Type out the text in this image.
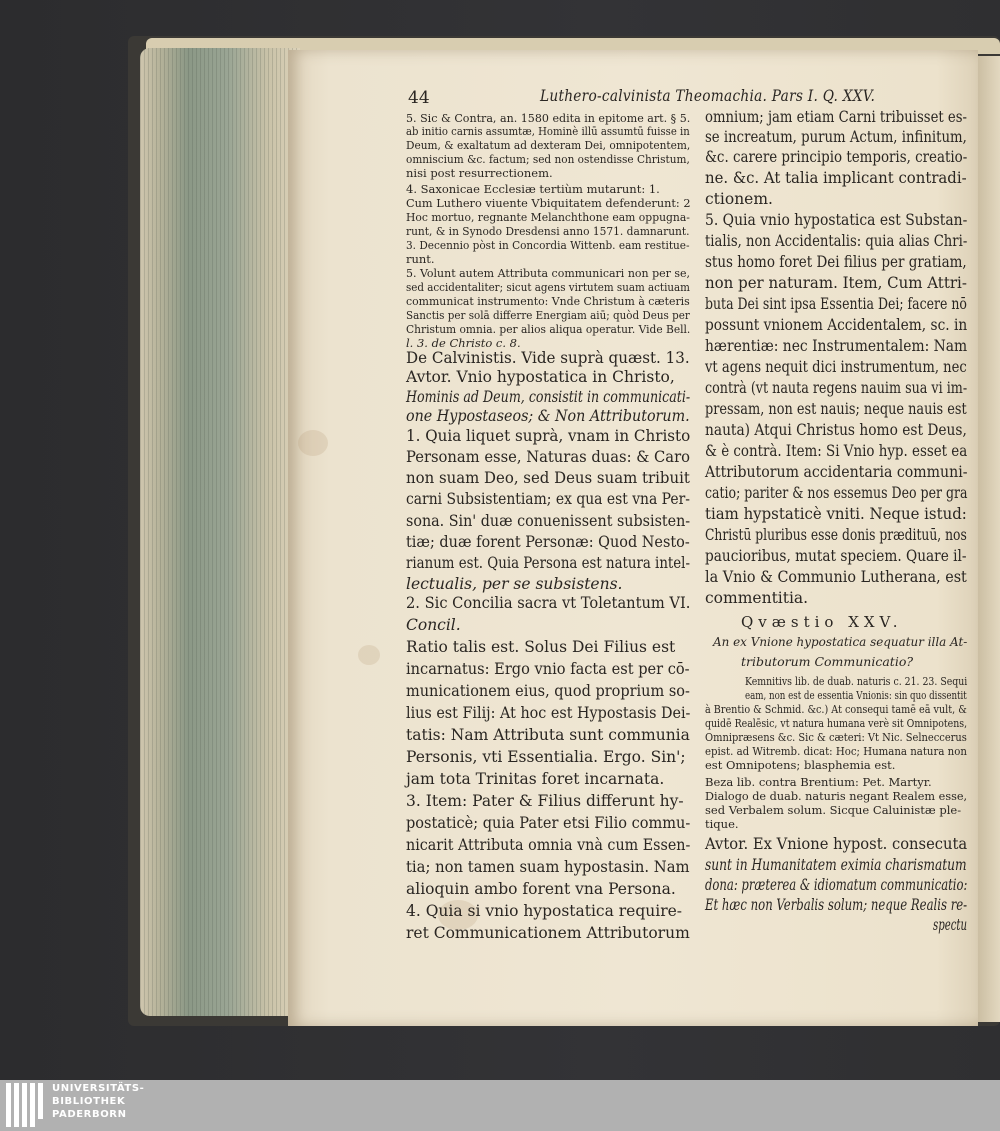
44	Luthero-calvinista Theomachia. Pars I. Q. XXV.
5. Sic & Contra, an. 1580 edita in epitome art. § 5.
ab initio carnis assumtæ, Hominè illū assumtū fuisse in
Deum, & exaltatum ad dexteram Dei, omnipotentem,
omniscium &c. factum; sed non ostendisse Christum,
nisi post resurrectionem.
4. Saxonicae Ecclesiæ tertiùm mutarunt: 1.
Cum Luthero viuente Vbiquitatem defenderunt: 2
Hoc mortuo, regnante Melanchthone eam oppugna-
runt, & in Synodo Dresdensi anno 1571. damnarunt.
3. Decennio pòst in Concordia Wittenb. eam restitue-
runt.
5. Volunt autem Attributa communicari non per se,
sed accidentaliter; sicut agens virtutem suam actiuam
communicat instrumento: Vnde Christum à cæteris
Sanctis per solā differre Energiam aiū; quòd Deus per
Christum omnia. per alios aliqua operatur. Vide Bell.
l. 3. de Christo c. 8.
De Calvinistis. Vide suprà quæst. 13.
Avtor. Vnio hypostatica in Christo,
Hominis ad Deum, consistit in communicati-
one Hypostaseos; & Non Attributorum.
1. Quia liquet suprà, vnam in Christo
Personam esse, Naturas duas: & Caro
non suam Deo, sed Deus suam tribuit
carni Subsistentiam; ex qua est vna Per-
sona. Sin' duæ conuenissent subsisten-
tiæ; duæ forent Personæ: Quod Nesto-
rianum est. Quia Persona est natura intel-
lectualis, per se subsistens.
2. Sic Concilia sacra vt Toletantum VI.
Concil.
Ratio talis est. Solus Dei Filius est
incarnatus: Ergo vnio facta est per cō-
municationem eius, quod proprium so-
lius est Filij: At hoc est Hypostasis Dei-
tatis: Nam Attributa sunt communia
Personis, vti Essentialia. Ergo. Sin';
jam tota Trinitas foret incarnata.
3. Item: Pater & Filius differunt hy-
postaticè; quia Pater etsi Filio commu-
nicarit Attributa omnia vnà cum Essen-
tia; non tamen suam hypostasin. Nam
alioquin ambo forent vna Persona.
4. Quia si vnio hypostatica require-
ret Communicationem Attributorum
omnium; jam etiam Carni tribuisset es-
se increatum, purum Actum, infinitum,
&c. carere principio temporis, creatio-
ne. &c. At talia implicant contradi-
ctionem.
5. Quia vnio hypostatica est Substan-
tialis, non Accidentalis: quia alias Chri-
stus homo foret Dei filius per gratiam,
non per naturam. Item, Cum Attri-
buta Dei sint ipsa Essentia Dei; facere nō
possunt vnionem Accidentalem, sc. in
hærentiæ: nec Instrumentalem: Nam
vt agens nequit dici instrumentum, nec
contrà (vt nauta regens nauim sua vi im-
pressam, non est nauis; neque nauis est
nauta) Atqui Christus homo est Deus,
& è contrà. Item: Si Vnio hyp. esset ea
Attributorum accidentaria communi-
catio; pariter & nos essemus Deo per gra
tiam hypstaticè vniti. Neque istud:
Christū pluribus esse donis prædituū, nos
paucioribus, mutat speciem. Quare il-
la Vnio & Communio Lutherana, est
commentitia.
Qvæstio XXV.
An ex Vnione hypostatica sequatur illa At-
tributorum Communicatio?
Kemnitivs lib. de duab. naturis c. 21. 23. Sequi
eam, non est de essentia Vnionis: sin quo dissentit
à Brentio & Schmid. &c.) At consequi tamē eā vult, &
quidē Realēsic, vt natura humana verè sit Omnipotens,
Omnipræsens &c. Sic & cæteri: Vt Nic. Selneccerus
epist. ad Witremb. dicat: Hoc; Humana natura non
est Omnipotens; blasphemia est.
Beza lib. contra Brentium: Pet. Martyr.
Dialogo de duab. naturis negant Realem esse,
sed Verbalem solum. Sicque Caluinistæ ple-
tique.
Avtor. Ex Vnione hypost. consecuta
sunt in Humanitatem eximia charismatum
dona: præterea & idiomatum communicatio:
Et hæc non Verbalis solum; neque Realis re-
spectu
UNIVERSITÄTS-
BIBLIOTHEK
PADERBORN
